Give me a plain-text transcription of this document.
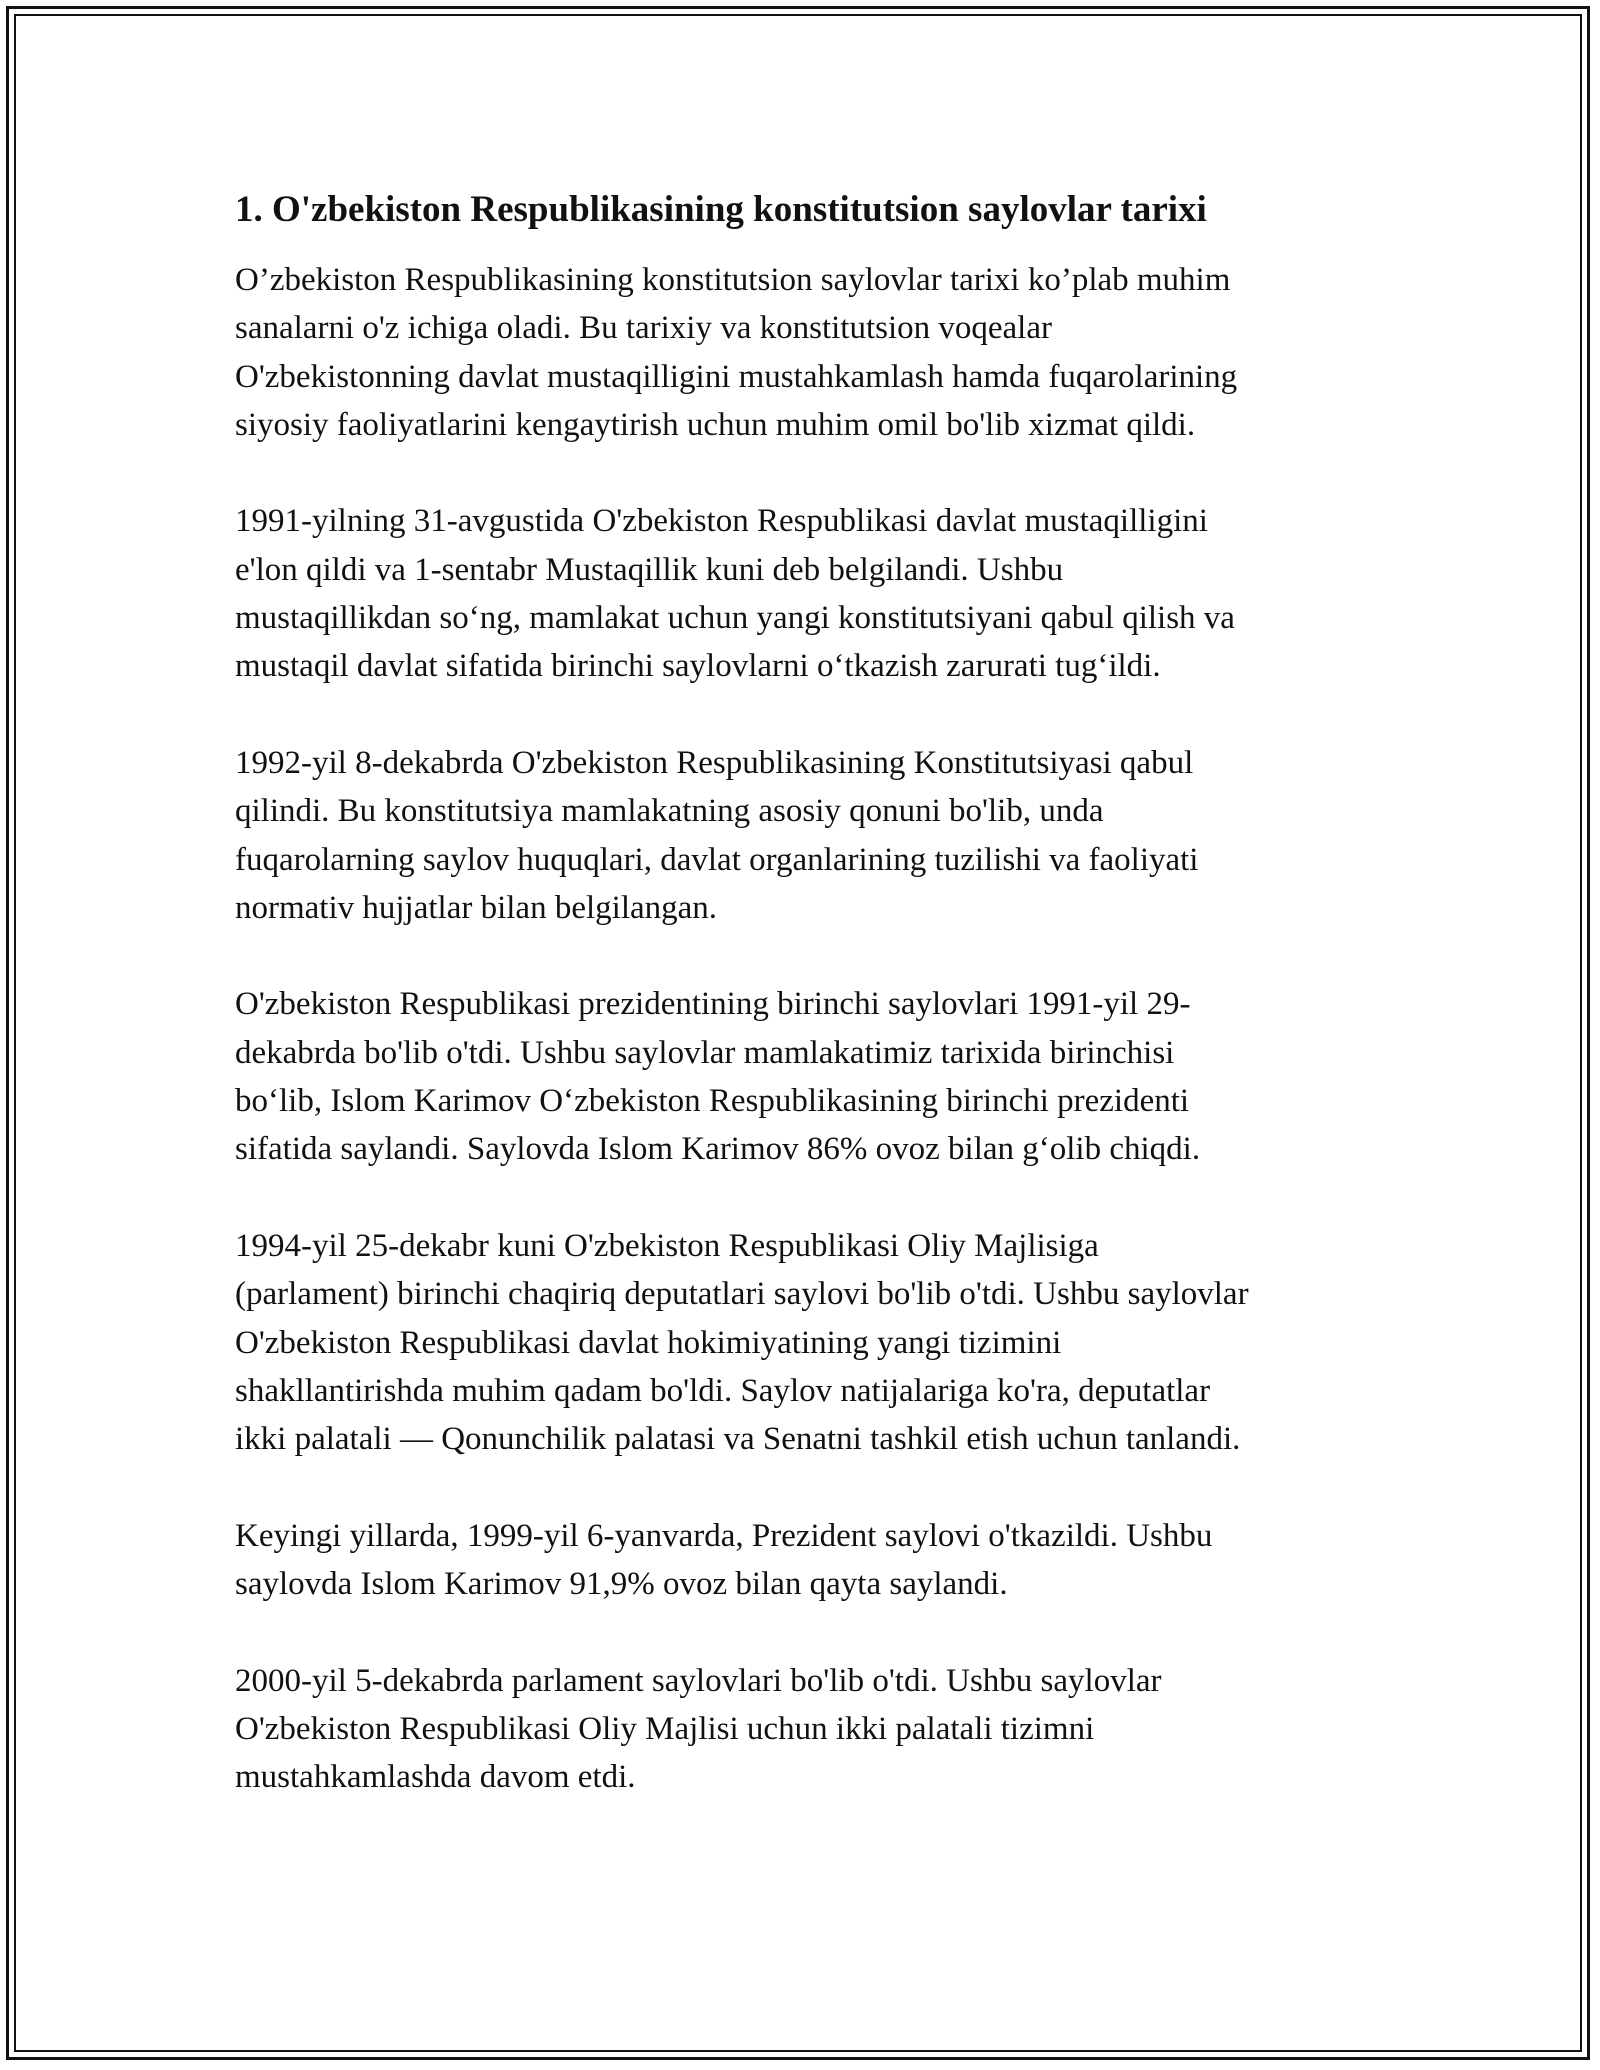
1. O'zbekiston Respublikasining konstitutsion saylovlar tarixi

O’zbekiston Respublikasining konstitutsion saylovlar tarixi ko’plab muhim
sanalarni o'z ichiga oladi. Bu tarixiy va konstitutsion voqealar
O'zbekistonning davlat mustaqilligini mustahkamlash hamda fuqarolarining
siyosiy faoliyatlarini kengaytirish uchun muhim omil bo'lib xizmat qildi.

1991-yilning 31-avgustida O'zbekiston Respublikasi davlat mustaqilligini
e'lon qildi va 1-sentabr Mustaqillik kuni deb belgilandi. Ushbu
mustaqillikdan so‘ng, mamlakat uchun yangi konstitutsiyani qabul qilish va
mustaqil davlat sifatida birinchi saylovlarni o‘tkazish zarurati tug‘ildi.

1992-yil 8-dekabrda O'zbekiston Respublikasining Konstitutsiyasi qabul
qilindi. Bu konstitutsiya mamlakatning asosiy qonuni bo'lib, unda
fuqarolarning saylov huquqlari, davlat organlarining tuzilishi va faoliyati
normativ hujjatlar bilan belgilangan.

O'zbekiston Respublikasi prezidentining birinchi saylovlari 1991-yil 29-
dekabrda bo'lib o'tdi. Ushbu saylovlar mamlakatimiz tarixida birinchisi
bo‘lib, Islom Karimov O‘zbekiston Respublikasining birinchi prezidenti
sifatida saylandi. Saylovda Islom Karimov 86% ovoz bilan g‘olib chiqdi.

1994-yil 25-dekabr kuni O'zbekiston Respublikasi Oliy Majlisiga
(parlament) birinchi chaqiriq deputatlari saylovi bo'lib o'tdi. Ushbu saylovlar
O'zbekiston Respublikasi davlat hokimiyatining yangi tizimini
shakllantirishda muhim qadam bo'ldi. Saylov natijalariga ko'ra, deputatlar
ikki palatali — Qonunchilik palatasi va Senatni tashkil etish uchun tanlandi.

Keyingi yillarda, 1999-yil 6-yanvarda, Prezident saylovi o'tkazildi. Ushbu
saylovda Islom Karimov 91,9% ovoz bilan qayta saylandi.

2000-yil 5-dekabrda parlament saylovlari bo'lib o'tdi. Ushbu saylovlar
O'zbekiston Respublikasi Oliy Majlisi uchun ikki palatali tizimni
mustahkamlashda davom etdi.
